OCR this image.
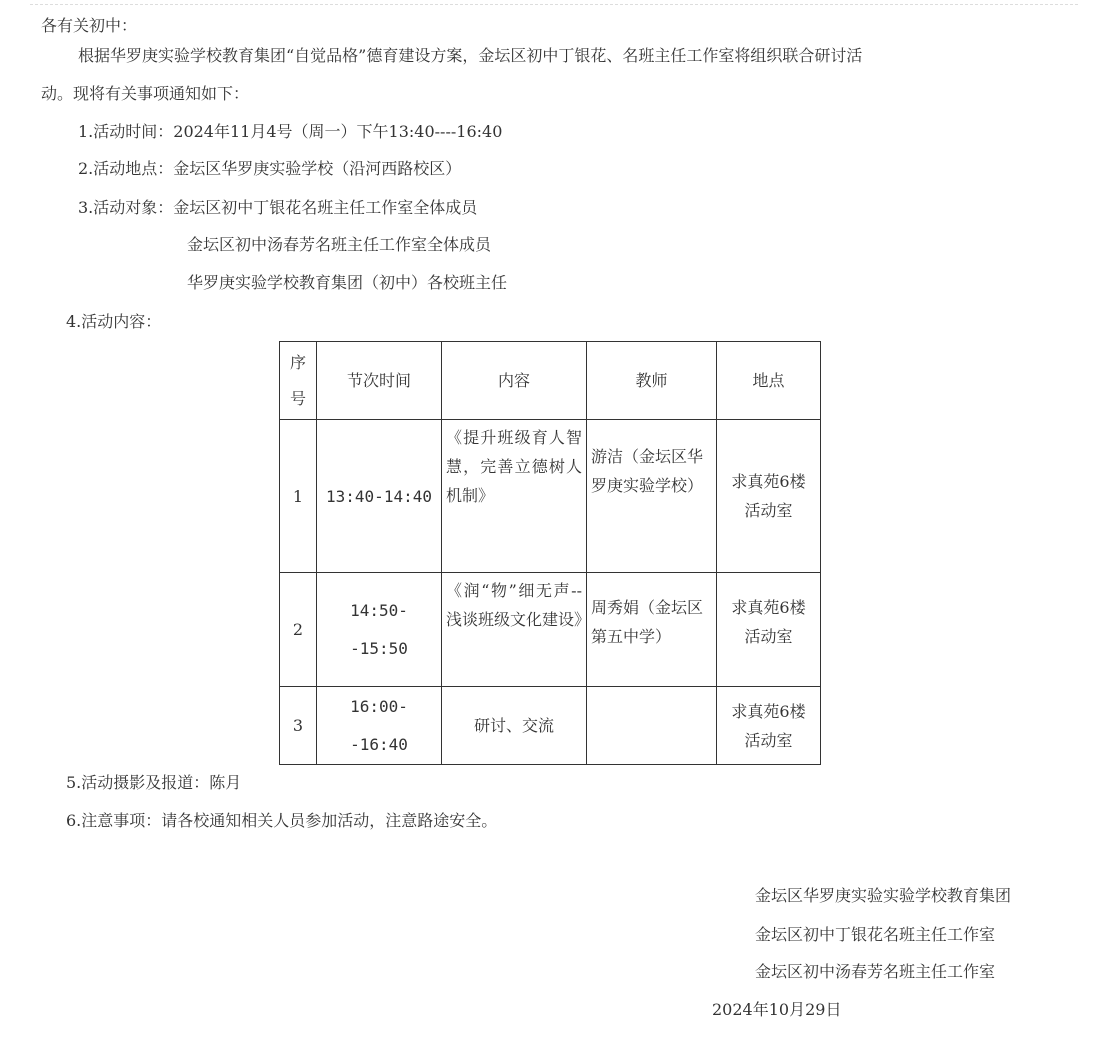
各有关初中：
根据华罗庚实验学校教育集团“自觉品格”德育建设方案，金坛区初中丁银花、名班主任工作室将组织联合研讨活
动。现将有关事项通知如下：
1.活动时间：2024年11月4号（周一）下午13:40----16:40
2.活动地点：金坛区华罗庚实验学校（沿河西路校区）
3.活动对象：金坛区初中丁银花名班主任工作室全体成员
金坛区初中汤春芳名班主任工作室全体成员
华罗庚实验学校教育集团（初中）各校班主任
4.活动内容：
序号	节次时间	内容	教师	地点
1	13:40-14:40	《提升班级育人智慧，完善立德树人机制》	游洁（金坛区华罗庚实验学校）	求真苑6楼活动室
2	14:50--15:50	《润“物”细无声--浅谈班级文化建设》	周秀娟（金坛区第五中学）	求真苑6楼活动室
3	16:00--16:40	研讨、交流		求真苑6楼活动室
5.活动摄影及报道：陈月
6.注意事项：请各校通知相关人员参加活动，注意路途安全。
金坛区华罗庚实验实验学校教育集团
金坛区初中丁银花名班主任工作室
金坛区初中汤春芳名班主任工作室
2024年10月29日
